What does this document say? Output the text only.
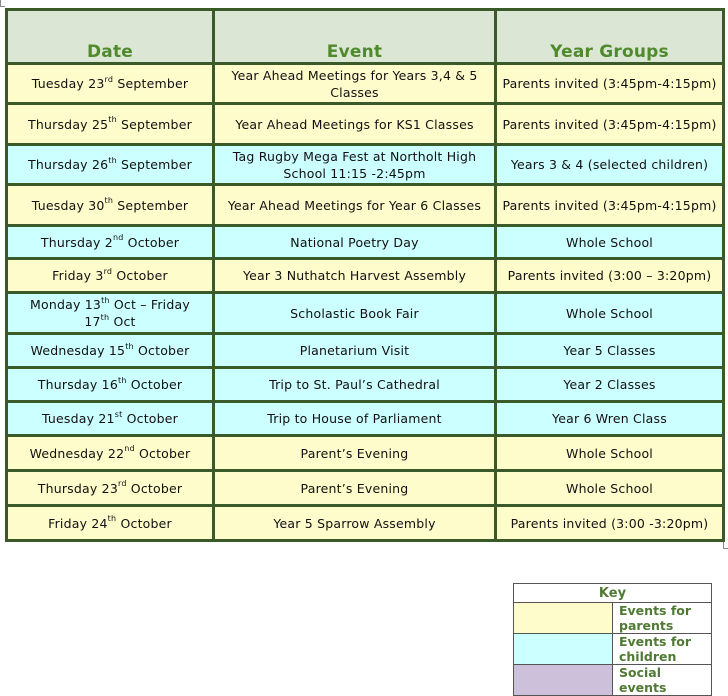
Date	Event	Year Groups
Tuesday 23rd September	Year Ahead Meetings for Years 3,4 & 5 Classes	Parents invited (3:45pm-4:15pm)
Thursday 25th September	Year Ahead Meetings for KS1 Classes	Parents invited (3:45pm-4:15pm)
Thursday 26th September	Tag Rugby Mega Fest at Northolt High School 11:15 -2:45pm	Years 3 & 4 (selected children)
Tuesday 30th September	Year Ahead Meetings for Year 6 Classes	Parents invited (3:45pm-4:15pm)
Thursday 2nd October	National Poetry Day	Whole School
Friday 3rd October	Year 3 Nuthatch Harvest Assembly	Parents invited (3:00 – 3:20pm)
Monday 13th Oct – Friday
17th Oct	Scholastic Book Fair	Whole School
Wednesday 15th October	Planetarium Visit	Year 5 Classes
Thursday 16th October	Trip to St. Paul’s Cathedral	Year 2 Classes
Tuesday 21st October	Trip to House of Parliament	Year 6 Wren Class
Wednesday 22nd October	Parent’s Evening	Whole School
Thursday 23rd October	Parent’s Evening	Whole School
Friday 24th October	Year 5 Sparrow Assembly	Parents invited (3:00 -3:20pm)
Key	
	Events for parents
	Events for children
	Social events
